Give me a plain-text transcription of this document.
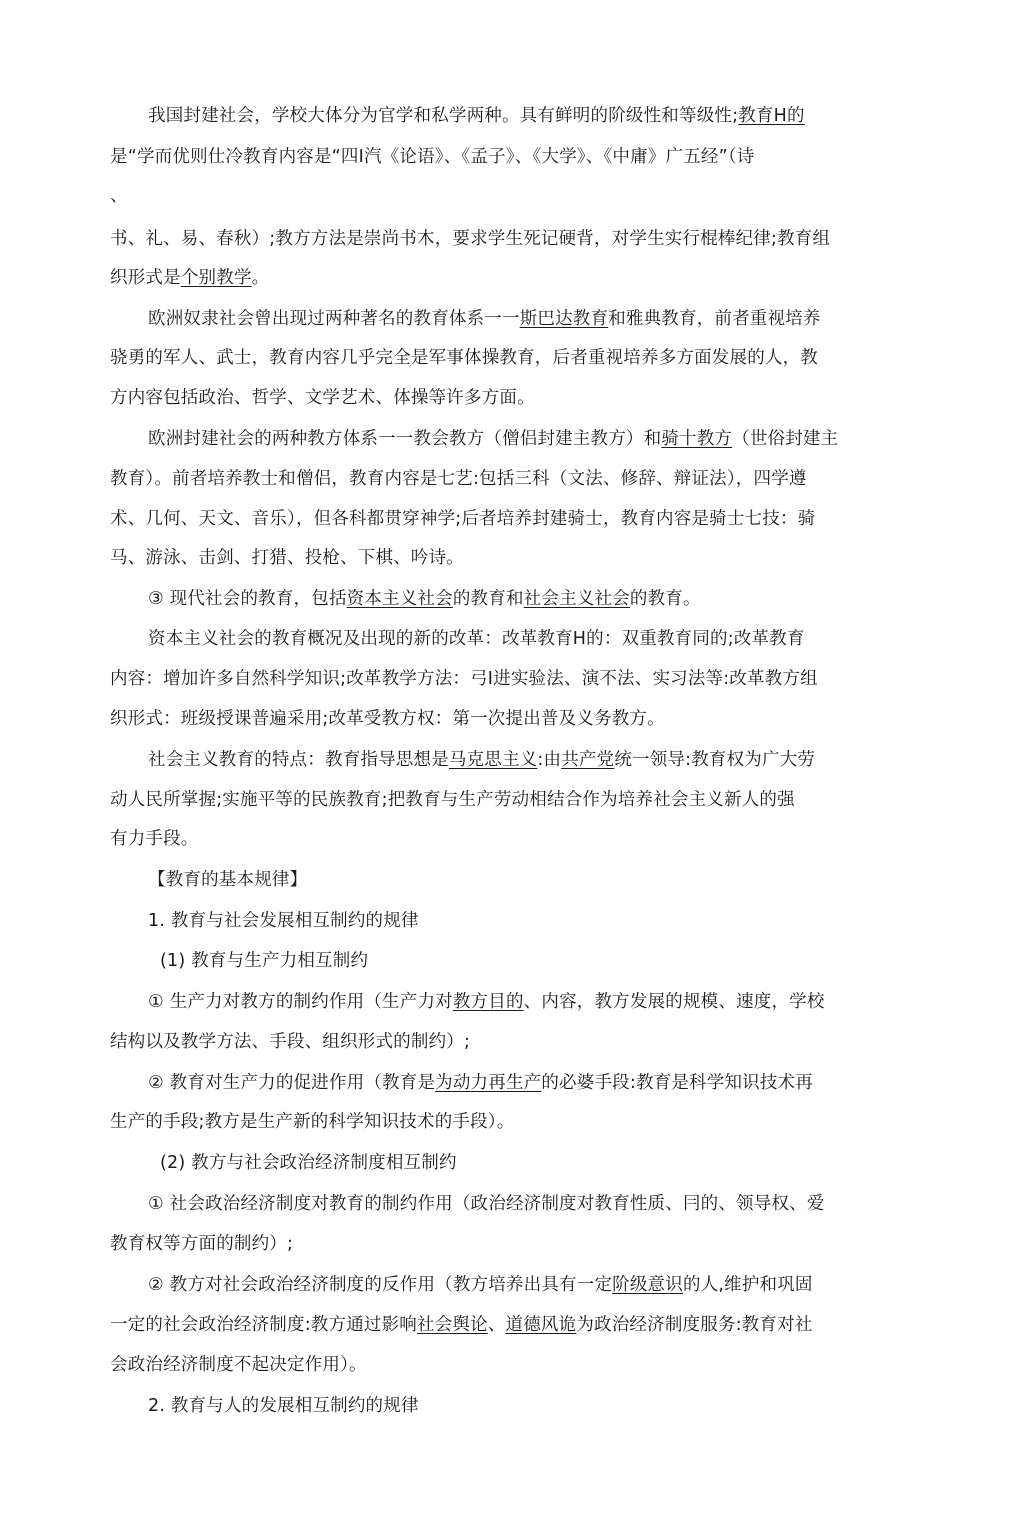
我国封建社会，学校大体分为官学和私学两种。具有鲜明的阶级性和等级性;教育H的
是“学而优则仕冷教育内容是“四I汽《论语》、《孟子》、《大学》、《中庸》广五经”（诗
、
书、礼、易、春秋）;教方方法是崇尚书木，要求学生死记硬背，对学生实行棍棒纪律;教育组
织形式是个别教学。
欧洲奴隶社会曾出现过两种著名的教育体系一一斯巴达教育和雅典教育，前者重视培养
骁勇的军人、武士，教育内容几乎完全是军事体操教育，后者重视培养多方面发展的人，教
方内容包括政治、哲学、文学艺术、体操等许多方面。
欧洲封建社会的两种教方体系一一教会教方（僧侣封建主教方）和骑十教方（世俗封建主
教育）。前者培养教士和僧侣，教育内容是七艺:包括三科（文法、修辞、辩证法），四学遵
术、几何、天文、音乐），但各科都贯穿神学;后者培养封建骑士，教育内容是骑士七技：骑
马、游泳、击剑、打猎、投枪、下棋、吟诗。
③ 现代社会的教育，包括资本主义社会的教育和社会主义社会的教育。
资本主义社会的教育概况及出现的新的改革：改革教育H的：双重教育同的;改革教育
内容：增加许多自然科学知识;改革教学方法：弓I进实验法、演不法、实习法等:改革教方组
织形式：班级授课普遍采用;改革受教方权：第一次提出普及义务教方。
社会主义教育的特点：教育指导思想是马克思主义:由共产党统一领导:教育权为广大劳
动人民所掌握;实施平等的民族教育;把教育与生产劳动相结合作为培养社会主义新人的强
有力手段。
【教育的基本规律】
1. 教育与社会发展相互制约的规律
(1) 教育与生产力相互制约
① 生产力对教方的制约作用（生产力对教方目的、内容，教方发展的规模、速度，学校
结构以及教学方法、手段、组织形式的制约）;
② 教育对生产力的促进作用（教育是为动力再生产的必婆手段:教育是科学知识技术再
生产的手段;教方是生产新的科学知识技术的手段）。
(2) 教方与社会政治经济制度相互制约
① 社会政治经济制度对教育的制约作用（政治经济制度对教育性质、冃的、领导权、爱
教育权等方面的制约）;
② 教方对社会政治经济制度的反作用（教方培养出具有一定阶级意识的人,维护和巩固
一定的社会政治经济制度:教方通过影响社会舆论、道德风诡为政治经济制度服务:教育对社
会政治经济制度不起决定作用）。
2. 教育与人的发展相互制约的规律
